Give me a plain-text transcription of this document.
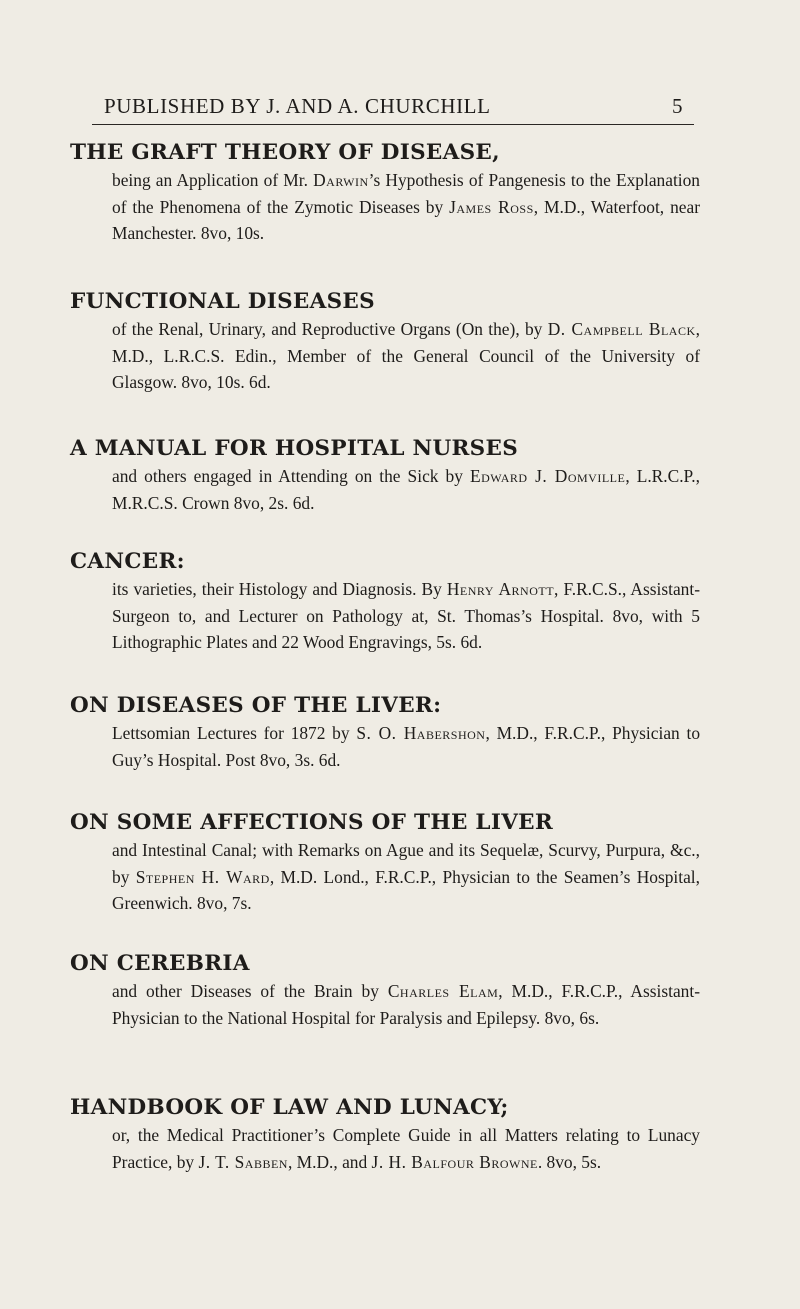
PUBLISHED BY J. AND A. CHURCHILL	5
THE GRAFT THEORY OF DISEASE,

being an Application of Mr. Darwin’s Hypothesis of Pangenesis to the Explanation of the Phenomena of the Zymotic Diseases by James Ross, M.D., Waterfoot, near Manchester. 8vo, 10s.

FUNCTIONAL DISEASES

of the Renal, Urinary, and Reproductive Organs (On the), by D. Campbell Black, M.D., L.R.C.S. Edin., Member of the General Council of the University of Glasgow. 8vo, 10s. 6d.

A MANUAL FOR HOSPITAL NURSES

and others engaged in Attending on the Sick by Edward J. Domville, L.R.C.P., M.R.C.S. Crown 8vo, 2s. 6d.

CANCER:

its varieties, their Histology and Diagnosis. By Henry Arnott, F.R.C.S., Assistant-Surgeon to, and Lecturer on Pathology at, St. Thomas’s Hospital. 8vo, with 5 Lithographic Plates and 22 Wood Engravings, 5s. 6d.

ON DISEASES OF THE LIVER:

Lettsomian Lectures for 1872 by S. O. Habershon, M.D., F.R.C.P., Physician to Guy’s Hospital. Post 8vo, 3s. 6d.

ON SOME AFFECTIONS OF THE LIVER

and Intestinal Canal; with Remarks on Ague and its Sequelæ, Scurvy, Purpura, &c., by Stephen H. Ward, M.D. Lond., F.R.C.P., Physician to the Seamen’s Hospital, Greenwich. 8vo, 7s.

ON CEREBRIA

and other Diseases of the Brain by Charles Elam, M.D., F.R.C.P., Assistant-Physician to the National Hospital for Paralysis and Epilepsy. 8vo, 6s.

HANDBOOK OF LAW AND LUNACY;

or, the Medical Practitioner’s Complete Guide in all Matters relating to Lunacy Practice, by J. T. Sabben, M.D., and J. H. Balfour Browne. 8vo, 5s.
